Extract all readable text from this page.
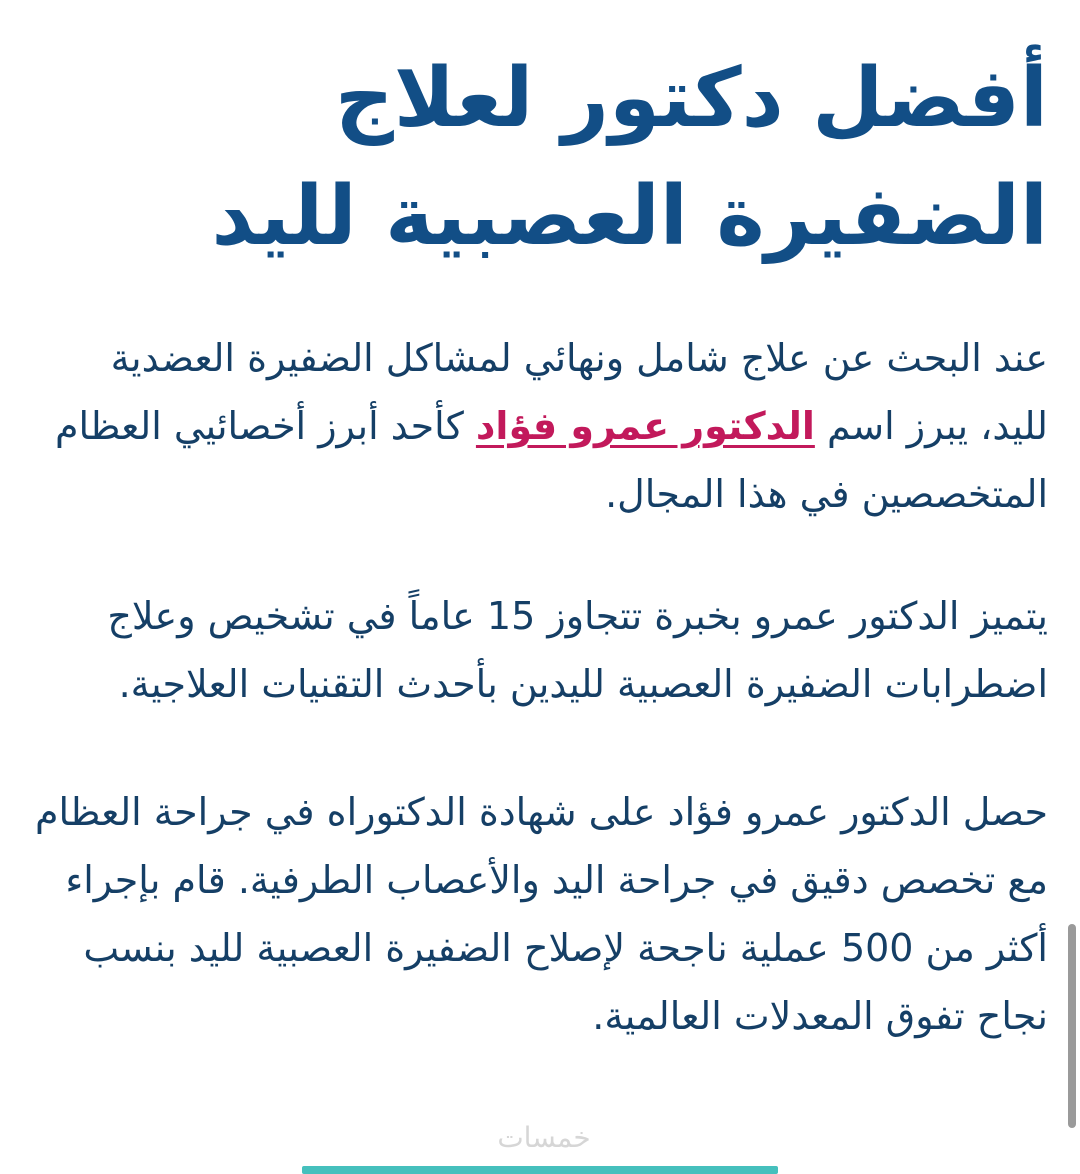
أفضل دكتور لعلاج الضفيرة العصبية لليد

عند البحث عن علاج شامل ونهائي لمشاكل الضفيرة العضدية لليد، يبرز اسم الدكتور عمرو فؤاد كأحد أبرز أخصائيي العظام المتخصصين في هذا المجال.

يتميز الدكتور عمرو بخبرة تتجاوز 15 عاماً في تشخيص وعلاج اضطرابات الضفيرة العصبية لليدين بأحدث التقنيات العلاجية.

حصل الدكتور عمرو فؤاد على شهادة الدكتوراه في جراحة العظام مع تخصص دقيق في جراحة اليد والأعصاب الطرفية. قام بإجراء أكثر من 500 عملية ناجحة لإصلاح الضفيرة العصبية لليد بنسب نجاح تفوق المعدلات العالمية.

خمسات
